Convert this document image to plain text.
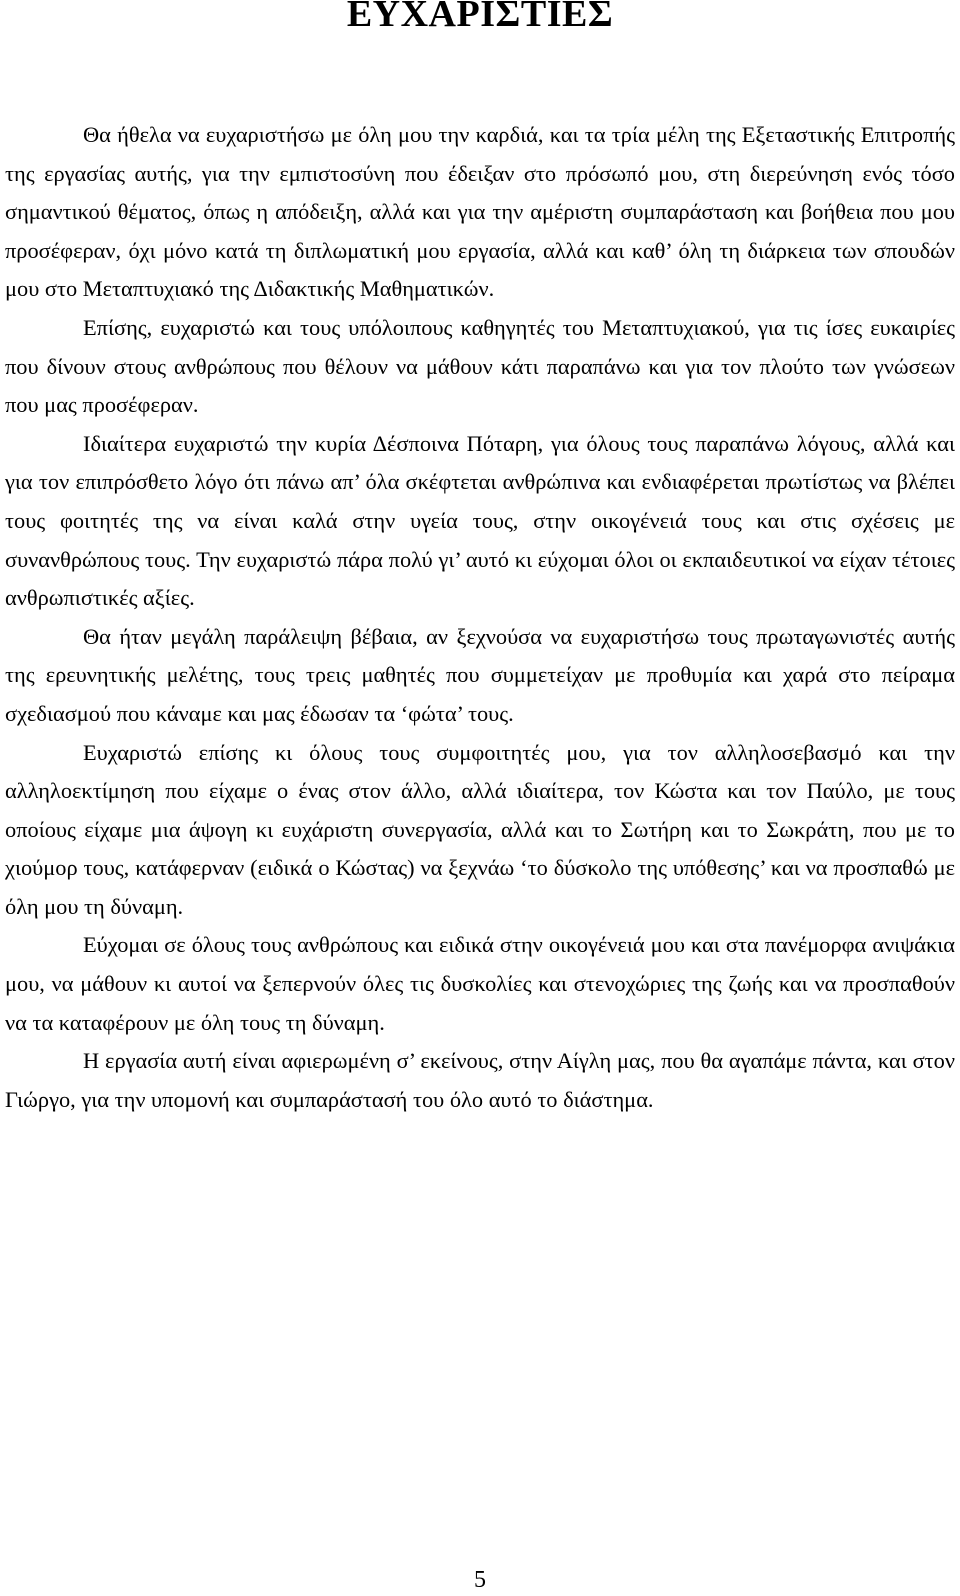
ΕΥΧΑΡΙΣΤΙΕΣ

Θα ήθελα να ευχαριστήσω με όλη μου την καρδιά, και τα τρία μέλη της Εξεταστικής Επιτροπής της εργασίας αυτής, για την εμπιστοσύνη που έδειξαν στο πρόσωπό μου, στη διερεύνηση ενός τόσο σημαντικού θέματος, όπως η απόδειξη, αλλά και για την αμέριστη συμπαράσταση και βοήθεια που μου προσέφεραν, όχι μόνο κατά τη διπλωματική μου εργασία, αλλά και καθ’ όλη τη διάρκεια των σπουδών μου στο Μεταπτυχιακό της Διδακτικής Μαθηματικών.

Επίσης, ευχαριστώ και τους υπόλοιπους καθηγητές του Μεταπτυχιακού, για τις ίσες ευκαιρίες που δίνουν στους ανθρώπους που θέλουν να μάθουν κάτι παραπάνω και για τον πλούτο των γνώσεων που μας προσέφεραν.

Ιδιαίτερα ευχαριστώ την κυρία Δέσποινα Πόταρη, για όλους τους παραπάνω λόγους, αλλά και για τον επιπρόσθετο λόγο ότι πάνω απ’ όλα σκέφτεται ανθρώπινα και ενδιαφέρεται πρωτίστως να βλέπει τους φοιτητές της να είναι καλά στην υγεία τους, στην οικογένειά τους και στις σχέσεις με συνανθρώπους τους. Την ευχαριστώ πάρα πολύ γι’ αυτό κι εύχομαι όλοι οι εκπαιδευτικοί να είχαν τέτοιες ανθρωπιστικές αξίες.

Θα ήταν μεγάλη παράλειψη βέβαια, αν ξεχνούσα να ευχαριστήσω τους πρωταγωνιστές αυτής της ερευνητικής μελέτης, τους τρεις μαθητές που συμμετείχαν με προθυμία και χαρά στο πείραμα σχεδιασμού που κάναμε και μας έδωσαν τα ‘φώτα’ τους.

Ευχαριστώ επίσης κι όλους τους συμφοιτητές μου, για τον αλληλοσεβασμό και την αλληλοεκτίμηση που είχαμε ο ένας στον άλλο, αλλά ιδιαίτερα, τον Κώστα και τον Παύλο, με τους οποίους είχαμε μια άψογη κι ευχάριστη συνεργασία, αλλά και το Σωτήρη και το Σωκράτη, που με το χιούμορ τους, κατάφερναν (ειδικά ο Κώστας) να ξεχνάω ‘το δύσκολο της υπόθεσης’ και να προσπαθώ με όλη μου τη δύναμη.

Εύχομαι σε όλους τους ανθρώπους και ειδικά στην οικογένειά μου και στα πανέμορφα ανιψάκια μου, να μάθουν κι αυτοί να ξεπερνούν όλες τις δυσκολίες και στενοχώριες της ζωής και να προσπαθούν να τα καταφέρουν με όλη τους τη δύναμη.

Η εργασία αυτή είναι αφιερωμένη σ’ εκείνους, στην Αίγλη μας, που θα αγαπάμε πάντα, και στον Γιώργο, για την υπομονή και συμπαράστασή του όλο αυτό το διάστημα.

5
